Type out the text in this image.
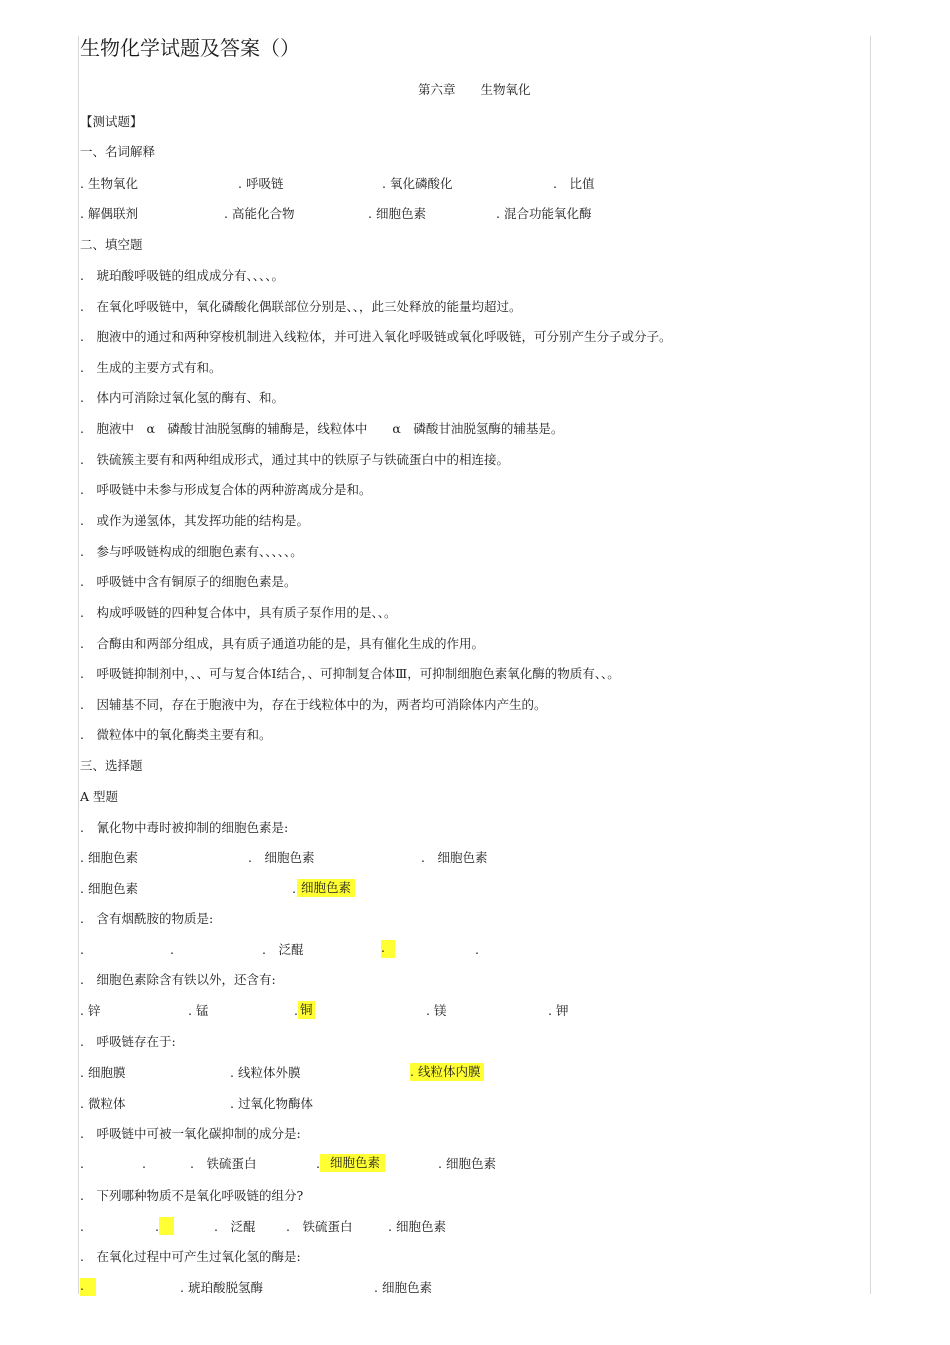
生物化学试题及答案（）
第六章　　生物氧化
【测试题】
一、名词解释
. 生物氧化	. 呼吸链	. 氧化磷酸化	.　比值
. 解偶联剂	. 高能化合物	. 细胞色素	. 混合功能氧化酶
二、填空题
.　琥珀酸呼吸链的组成成分有、、、、。
.　在氧化呼吸链中，氧化磷酸化偶联部位分别是、、，此三处释放的能量均超过。
.　胞液中的通过和两种穿梭机制进入线粒体，并可进入氧化呼吸链或氧化呼吸链，可分别产生分子或分子。
.　生成的主要方式有和。
.　体内可消除过氧化氢的酶有、和。
.　胞液中　α　磷酸甘油脱氢酶的辅酶是，线粒体中　　α　磷酸甘油脱氢酶的辅基是。
.　铁硫簇主要有和两种组成形式，通过其中的铁原子与铁硫蛋白中的相连接。
.　呼吸链中未参与形成复合体的两种游离成分是和。
.　或作为递氢体，其发挥功能的结构是。
.　参与呼吸链构成的细胞色素有、、、、、。
.　呼吸链中含有铜原子的细胞色素是。
.　构成呼吸链的四种复合体中，具有质子泵作用的是、、。
.　合酶由和两部分组成，具有质子通道功能的是，具有催化生成的作用。
.　呼吸链抑制剂中，、、可与复合体Ⅰ结合，、可抑制复合体Ⅲ，可抑制细胞色素氧化酶的物质有、、。
.　因辅基不同，存在于胞液中为，存在于线粒体中的为，两者均可消除体内产生的。
.　微粒体中的氧化酶类主要有和。
三、选择题
A 型题
.　氰化物中毒时被抑制的细胞色素是:
. 细胞色素	.　细胞色素	.　细胞色素
. 细胞色素	. 细胞色素
.　含有烟酰胺的物质是:
.	.	.　泛醌	.	.
.　细胞色素除含有铁以外，还含有:
. 锌	. 锰	. 铜	. 镁	. 钾
.　呼吸链存在于:
. 细胞膜	. 线粒体外膜	. 线粒体内膜
. 微粒体	. 过氧化物酶体
.　呼吸链中可被一氧化碳抑制的成分是:
.	.	.　铁硫蛋白	. 细胞色素	. 细胞色素
.　下列哪种物质不是氧化呼吸链的组分?
.	.	.　泛醌 .　铁硫蛋白	. 细胞色素
.　在氧化过程中可产生过氧化氢的酶是:
.	. 琥珀酸脱氢酶	. 细胞色素
